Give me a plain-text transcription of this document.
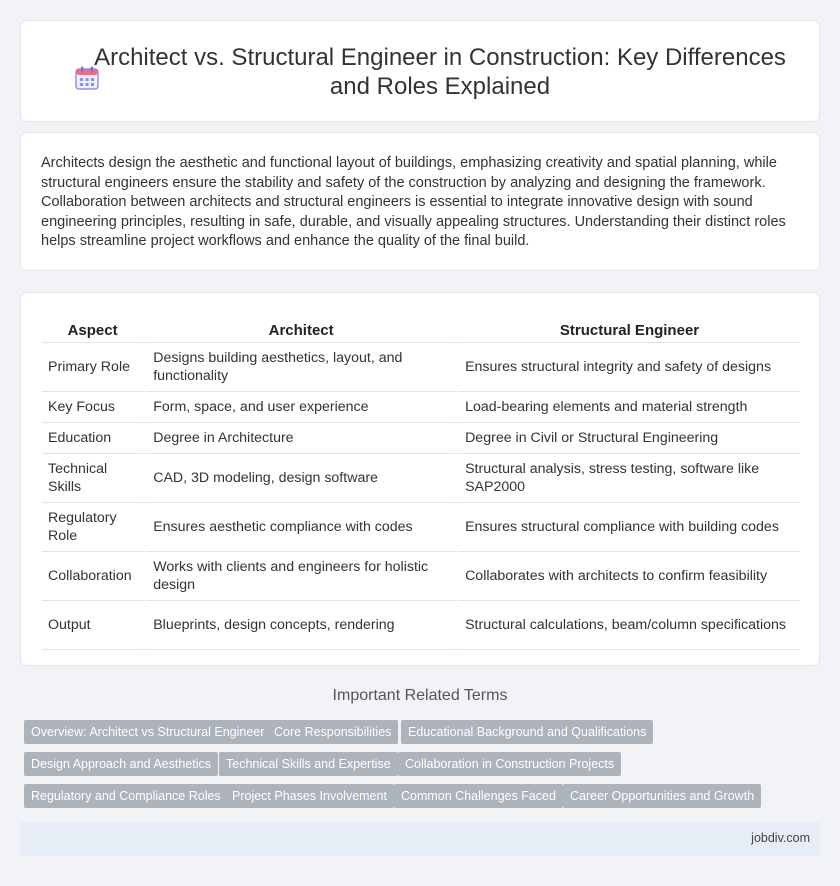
Architect vs. Structural Engineer in Construction: Key Differences and Roles Explained

Architects design the aesthetic and functional layout of buildings, emphasizing creativity and spatial planning, while structural engineers ensure the stability and safety of the construction by analyzing and designing the framework. Collaboration between architects and structural engineers is essential to integrate innovative design with sound engineering principles, resulting in safe, durable, and visually appealing structures. Understanding their distinct roles helps streamline project workflows and enhance the quality of the final build.

Aspect	Architect	Structural Engineer
Primary Role	Designs building aesthetics, layout, and functionality	Ensures structural integrity and safety of designs
Key Focus	Form, space, and user experience	Load-bearing elements and material strength
Education	Degree in Architecture	Degree in Civil or Structural Engineering
Technical Skills	CAD, 3D modeling, design software	Structural analysis, stress testing, software like SAP2000
Regulatory Role	Ensures aesthetic compliance with codes	Ensures structural compliance with building codes
Collaboration	Works with clients and engineers for holistic design	Collaborates with architects to confirm feasibility
Output	Blueprints, design concepts, rendering	Structural calculations, beam/column specifications
Important Related Terms
Overview: Architect vs Structural Engineer Core Responsibilities	Educational Background and Qualifications
Design Approach and Aesthetics	Technical Skills and Expertise	Collaboration in Construction Projects
Regulatory and Compliance Roles Project Phases Involvement	Common Challenges Faced	Career Opportunities and Growth
jobdiv.com
